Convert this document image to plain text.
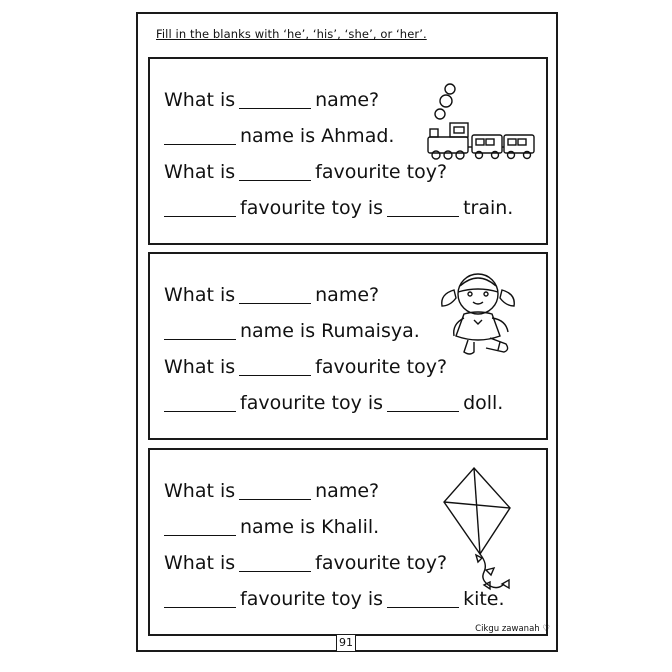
Fill in the blanks with ‘he’, ‘his’, ‘she’, or ‘her’.
What is	name?
name is Ahmad.
What is	favourite toy?
favourite toy is	train.
What is	name?
name is Rumaisya.
What is	favourite toy?
favourite toy is	doll.
What is	name?
name is Khalil.
What is	favourite toy?
favourite toy is	kite.
Cikgu zawanah ♡
91
